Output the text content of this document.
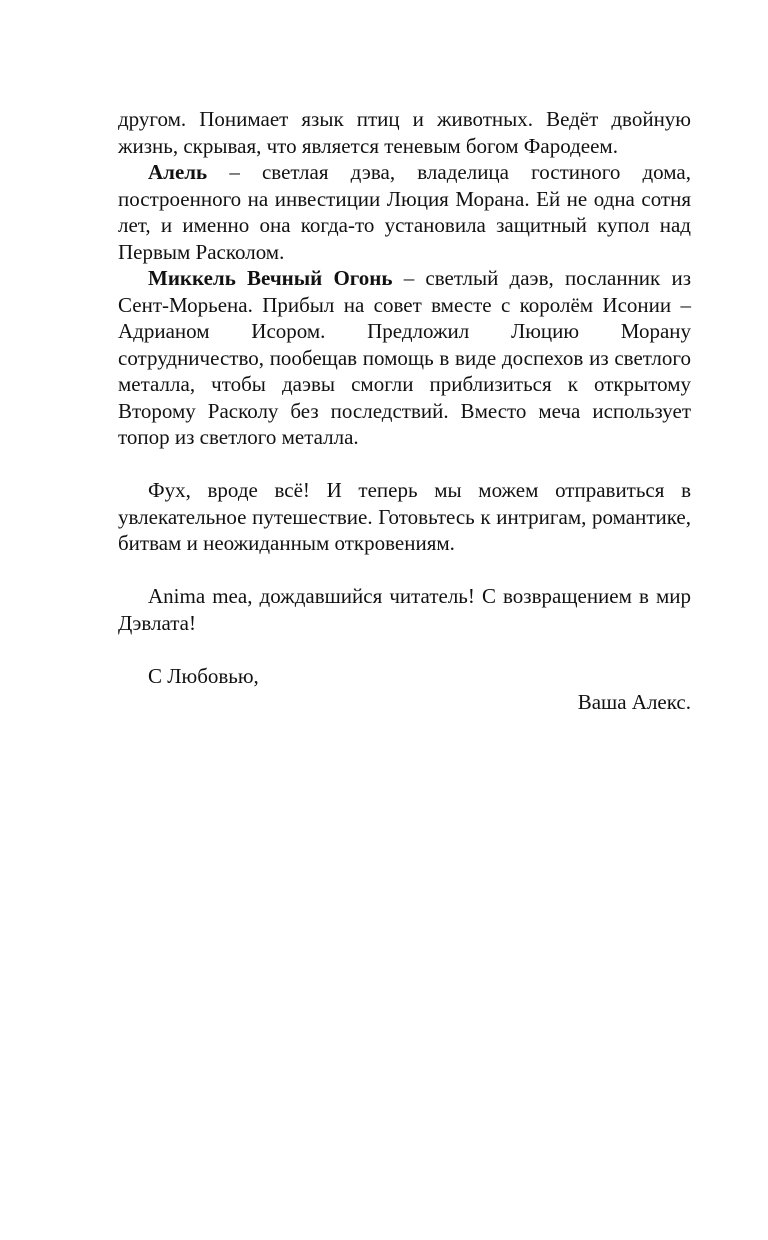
другом. Понимает язык птиц и животных. Ведёт двойную жизнь, скрывая, что является теневым богом Фародеем.

Алель – светлая дэва, владелица гостиного дома, построенного на инвестиции Люция Морана. Ей не одна сотня лет, и именно она когда-то установила защитный купол над Первым Расколом.

Миккель Вечный Огонь – светлый даэв, посланник из Сент-Морьена. Прибыл на совет вместе с королём Исонии – Адрианом Исором. Предложил Люцию Морану сотрудничество, пообещав помощь в виде доспехов из светлого металла, чтобы даэвы смогли приблизиться к открытому Второму Расколу без последствий. Вместо меча использует топор из светлого металла.

Фух, вроде всё! И теперь мы можем отправиться в увлекательное путешествие. Готовьтесь к интригам, романтике, битвам и неожиданным откровениям.

Anima mea, дождавшийся читатель! С возвращением в мир Дэвлата!

С Любовью,

Ваша Алекс.
